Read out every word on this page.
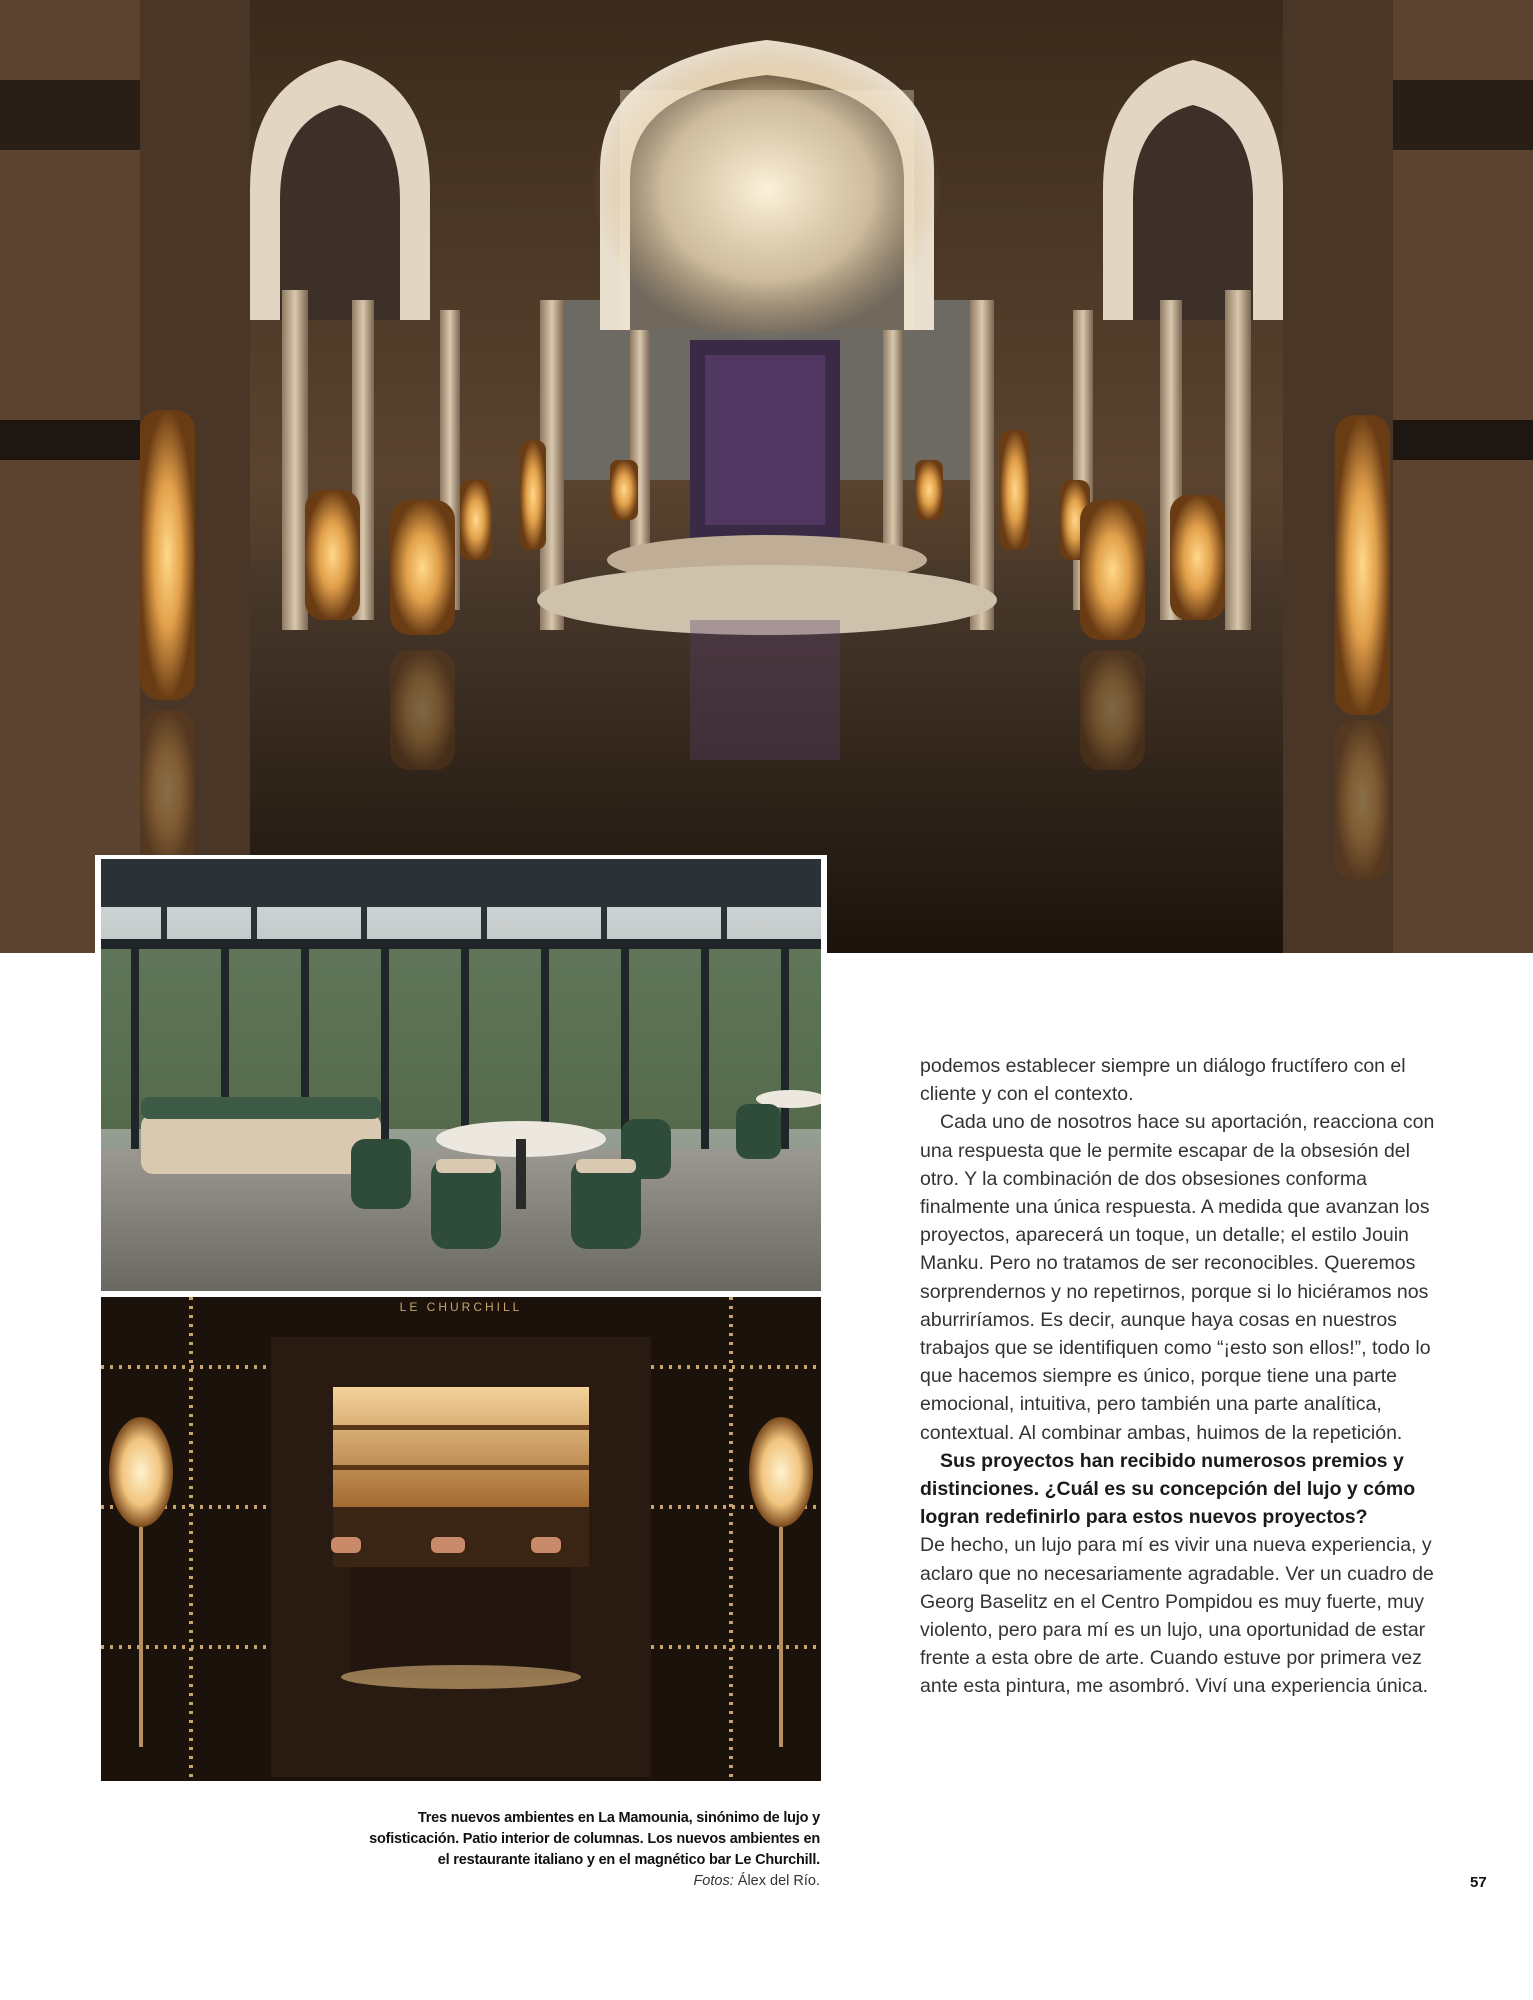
LE CHURCHILL

podemos establecer siempre un diálogo fructífero con el cliente y con el contexto.

Cada uno de nosotros hace su aportación, reacciona con una respuesta que le permite escapar de la obsesión del otro. Y la combinación de dos obsesiones conforma finalmente una única respuesta. A medida que avanzan los proyectos, aparecerá un toque, un detalle; el estilo Jouin Manku. Pero no tratamos de ser reconocibles. Queremos sorprendernos y no repetirnos, porque si lo hiciéramos nos aburriríamos. Es decir, aunque haya cosas en nuestros trabajos que se identifiquen como “¡esto son ellos!”, todo lo que hacemos siempre es único, porque tiene una parte emocional, intuitiva, pero también una parte analítica, contextual. Al combinar ambas, huimos de la repetición.

Sus proyectos han recibido numerosos premios y distinciones. ¿Cuál es su concepción del lujo y cómo logran redefinirlo para estos nuevos proyectos?

De hecho, un lujo para mí es vivir una nueva experiencia, y aclaro que no necesariamente agradable. Ver un cuadro de Georg Baselitz en el Centro Pompidou es muy fuerte, muy violento, pero para mí es un lujo, una oportunidad de estar frente a esta obre de arte. Cuando estuve por primera vez ante esta pintura, me asombró. Viví una experiencia única.

Tres nuevos ambientes en La Mamounia, sinónimo de lujo y sofisticación. Patio interior de columnas. Los nuevos ambientes en el restaurante italiano y en el magnético bar Le Churchill.
Fotos: Álex del Río.	57
